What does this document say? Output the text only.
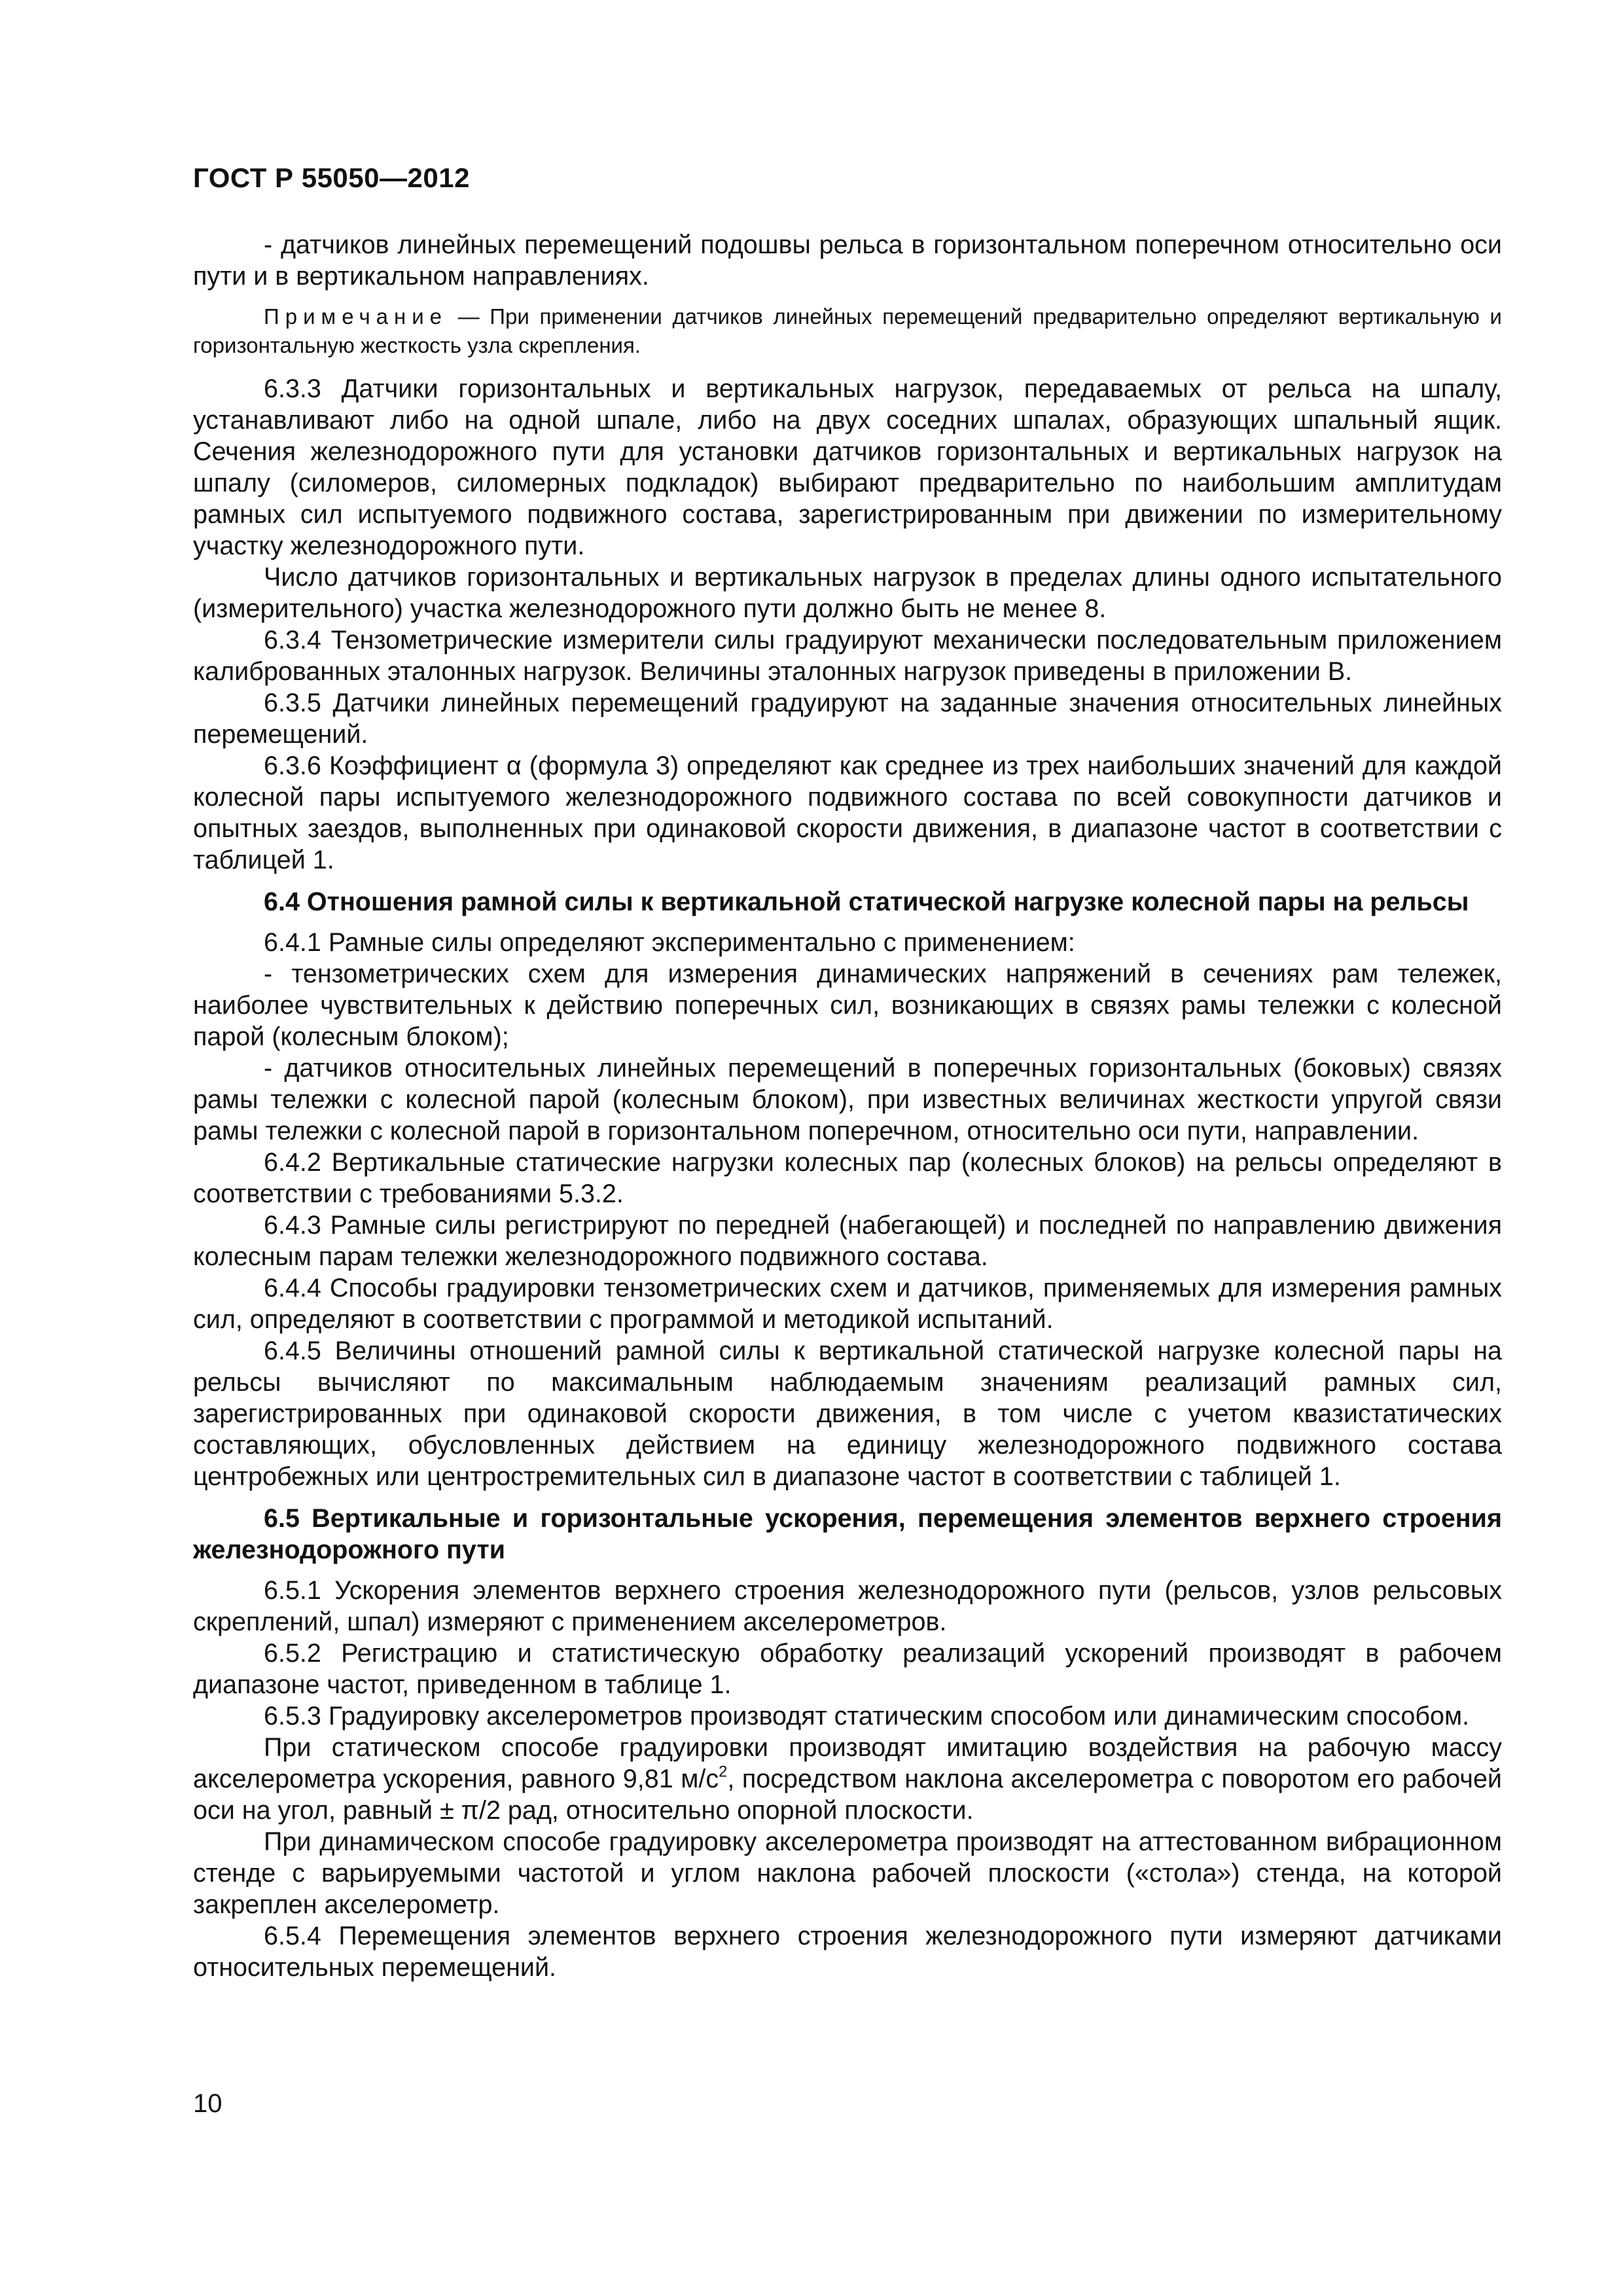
ГОСТ Р 55050—2012

- датчиков линейных перемещений подошвы рельса в горизонтальном поперечном относительно оси пути и в вертикальном направлениях.

Примечание — При применении датчиков линейных перемещений предварительно определяют вертикальную и горизонтальную жесткость узла скрепления.

6.3.3 Датчики горизонтальных и вертикальных нагрузок, передаваемых от рельса на шпалу, устанавливают либо на одной шпале, либо на двух соседних шпалах, образующих шпальный ящик. Сечения железнодорожного пути для установки датчиков горизонтальных и вертикальных нагрузок на шпалу (силомеров, силомерных подкладок) выбирают предварительно по наибольшим амплитудам рамных сил испытуемого подвижного состава, зарегистрированным при движении по измерительному участку железнодорожного пути.

Число датчиков горизонтальных и вертикальных нагрузок в пределах длины одного испытательного (измерительного) участка железнодорожного пути должно быть не менее 8.

6.3.4 Тензометрические измерители силы градуируют механически последовательным приложением калиброванных эталонных нагрузок. Величины эталонных нагрузок приведены в приложении В.

6.3.5 Датчики линейных перемещений градуируют на заданные значения относительных линейных перемещений.

6.3.6 Коэффициент α (формула 3) определяют как среднее из трех наибольших значений для каждой колесной пары испытуемого железнодорожного подвижного состава по всей совокупности датчиков и опытных заездов, выполненных при одинаковой скорости движения, в диапазоне частот в соответствии с таблицей 1.

6.4 Отношения рамной силы к вертикальной статической нагрузке колесной пары на рельсы

6.4.1 Рамные силы определяют экспериментально с применением:

- тензометрических схем для измерения динамических напряжений в сечениях рам тележек, наиболее чувствительных к действию поперечных сил, возникающих в связях рамы тележки с колесной парой (колесным блоком);

- датчиков относительных линейных перемещений в поперечных горизонтальных (боковых) связях рамы тележки с колесной парой (колесным блоком), при известных величинах жесткости упругой связи рамы тележки с колесной парой в горизонтальном поперечном, относительно оси пути, направлении.

6.4.2 Вертикальные статические нагрузки колесных пар (колесных блоков) на рельсы определяют в соответствии с требованиями 5.3.2.

6.4.3 Рамные силы регистрируют по передней (набегающей) и последней по направлению движения колесным парам тележки железнодорожного подвижного состава.

6.4.4 Способы градуировки тензометрических схем и датчиков, применяемых для измерения рамных сил, определяют в соответствии с программой и методикой испытаний.

6.4.5 Величины отношений рамной силы к вертикальной статической нагрузке колесной пары на рельсы вычисляют по максимальным наблюдаемым значениям реализаций рамных сил, зарегистрированных при одинаковой скорости движения, в том числе с учетом квазистатических составляющих, обусловленных действием на единицу железнодорожного подвижного состава центробежных или центростремительных сил в диапазоне частот в соответствии с таблицей 1.

6.5 Вертикальные и горизонтальные ускорения, перемещения элементов верхнего строения железнодорожного пути

6.5.1 Ускорения элементов верхнего строения железнодорожного пути (рельсов, узлов рельсовых скреплений, шпал) измеряют с применением акселерометров.

6.5.2 Регистрацию и статистическую обработку реализаций ускорений производят в рабочем диапазоне частот, приведенном в таблице 1.

6.5.3 Градуировку акселерометров производят статическим способом или динамическим способом.

При статическом способе градуировки производят имитацию воздействия на рабочую массу акселерометра ускорения, равного 9,81 $м/с^2$, посредством наклона акселерометра с поворотом его рабочей оси на угол, равный ± π/2 рад, относительно опорной плоскости.

При динамическом способе градуировку акселерометра производят на аттестованном вибрационном стенде с варьируемыми частотой и углом наклона рабочей плоскости («стола») стенда, на которой закреплен акселерометр.

6.5.4 Перемещения элементов верхнего строения железнодорожного пути измеряют датчиками относительных перемещений.

10
